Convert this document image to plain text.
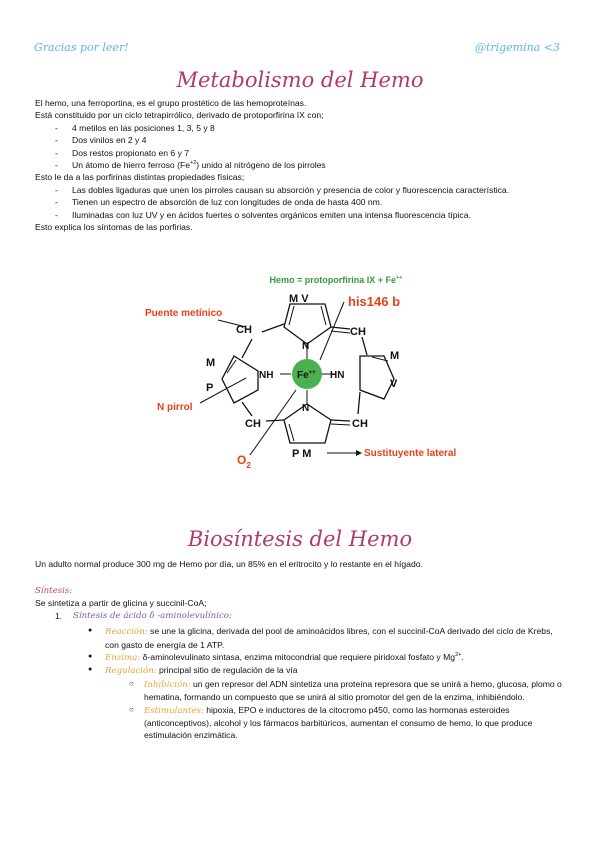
Gracias por leer!	@trigemina <3
Metabolismo del Hemo

El hemo, una ferroportina, es el grupo prostético de las hemoproteínas.

Está constituido por un ciclo tetrapirrólico, derivado de protoporfirina IX con;

- 4 metilos en las posiciones 1, 3, 5 y 8

- Dos vinilos en 2 y 4

- Dos restos propionato en 6 y 7

- Un átomo de hierro ferroso $(Fe^{+2})$ unido al nitrógeno de los pirroles

Esto le da a las porfirinas distintas propiedades físicas;

- Las dobles ligaduras que unen los pirroles causan su absorción y presencia de color y fluorescencia característica.

- Tienen un espectro de absorción de luz con longitudes de onda de hasta 400 nm.

- Iluminadas con luz UV y en ácidos fuertes o solventes orgánicos emiten una intensa fluorescencia típica.

Esto explica los síntomas de las porfirias.

Hemo = protoporfirina IX + Fe++
Fe++
M V
CH	CH
N
NH	HN
N
M
P
M
V
CH	CH
P M
Puente metínico
his146 b
N pirrol
$O_2$
Sustituyente lateral
Biosíntesis del Hemo
Un adulto normal produce 300 mg de Hemo por día, un 85% en el eritrocito y lo restante en el hígado.

Síntesis:

Se sintetiza a partir de glicina y succinil-CoA;

1. Síntesis de ácido δ -aminolevulínico:

● Reacción: se une la glicina, derivada del pool de aminoácidos libres, con el succinil-CoA derivado del ciclo de Krebs, con gasto de energía de 1 ATP.

● Enzima: δ-aminolevulinato sintasa, enzima mitocondrial que requiere piridoxal fosfato y $Mg^{2+}$.

● Regulación: principal sitio de regulación de la vía

○ Inhibición: un gen represor del ADN sintetiza una proteína represora que se unirá a hemo, glucosa, plomo o hematina, formando un compuesto que se unirá al sitio promotor del gen de la enzima, inhibiéndolo.

○ Estimulantes: hipoxia, EPO e inductores de la citocromo p450, como las hormonas esteroides (anticonceptivos), alcohol y los fármacos barbitúricos, aumentan el consumo de hemo, lo que produce estimulación enzimática.
